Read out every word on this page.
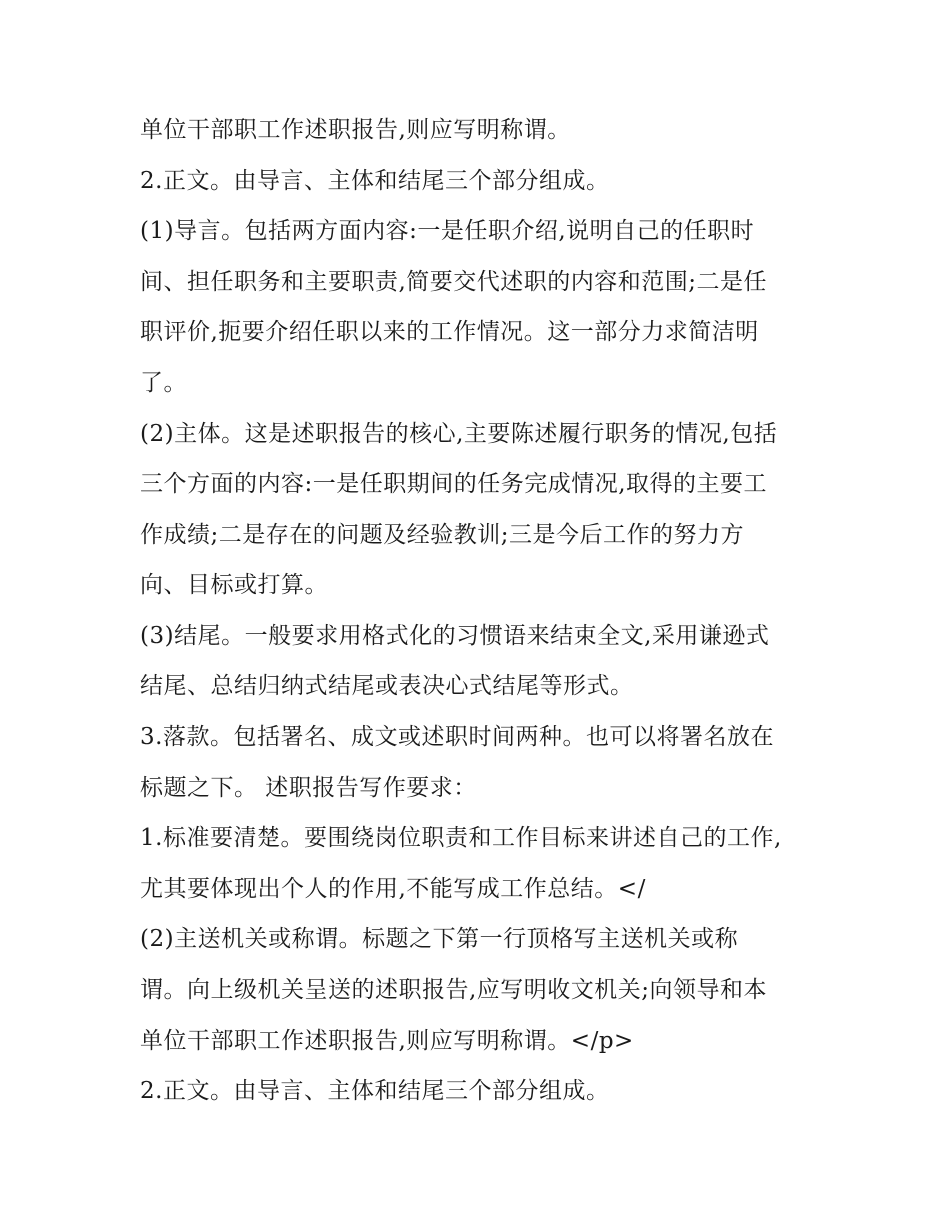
单位干部职工作述职报告,则应写明称谓。

2.正文。由导言、主体和结尾三个部分组成。

(1)导言。包括两方面内容:一是任职介绍,说明自己的任职时

间、担任职务和主要职责,简要交代述职的内容和范围;二是任

职评价,扼要介绍任职以来的工作情况。这一部分力求简洁明

了。

(2)主体。这是述职报告的核心,主要陈述履行职务的情况,包括

三个方面的内容:一是任职期间的任务完成情况,取得的主要工

作成绩;二是存在的问题及经验教训;三是今后工作的努力方

向、目标或打算。

(3)结尾。一般要求用格式化的习惯语来结束全文,采用谦逊式

结尾、总结归纳式结尾或表决心式结尾等形式。

3.落款。包括署名、成文或述职时间两种。也可以将署名放在

标题之下。 述职报告写作要求：

1.标准要清楚。要围绕岗位职责和工作目标来讲述自己的工作,

尤其要体现出个人的作用,不能写成工作总结。</

(2)主送机关或称谓。标题之下第一行顶格写主送机关或称

谓。向上级机关呈送的述职报告,应写明收文机关;向领导和本

单位干部职工作述职报告,则应写明称谓。</p>

2.正文。由导言、主体和结尾三个部分组成。
